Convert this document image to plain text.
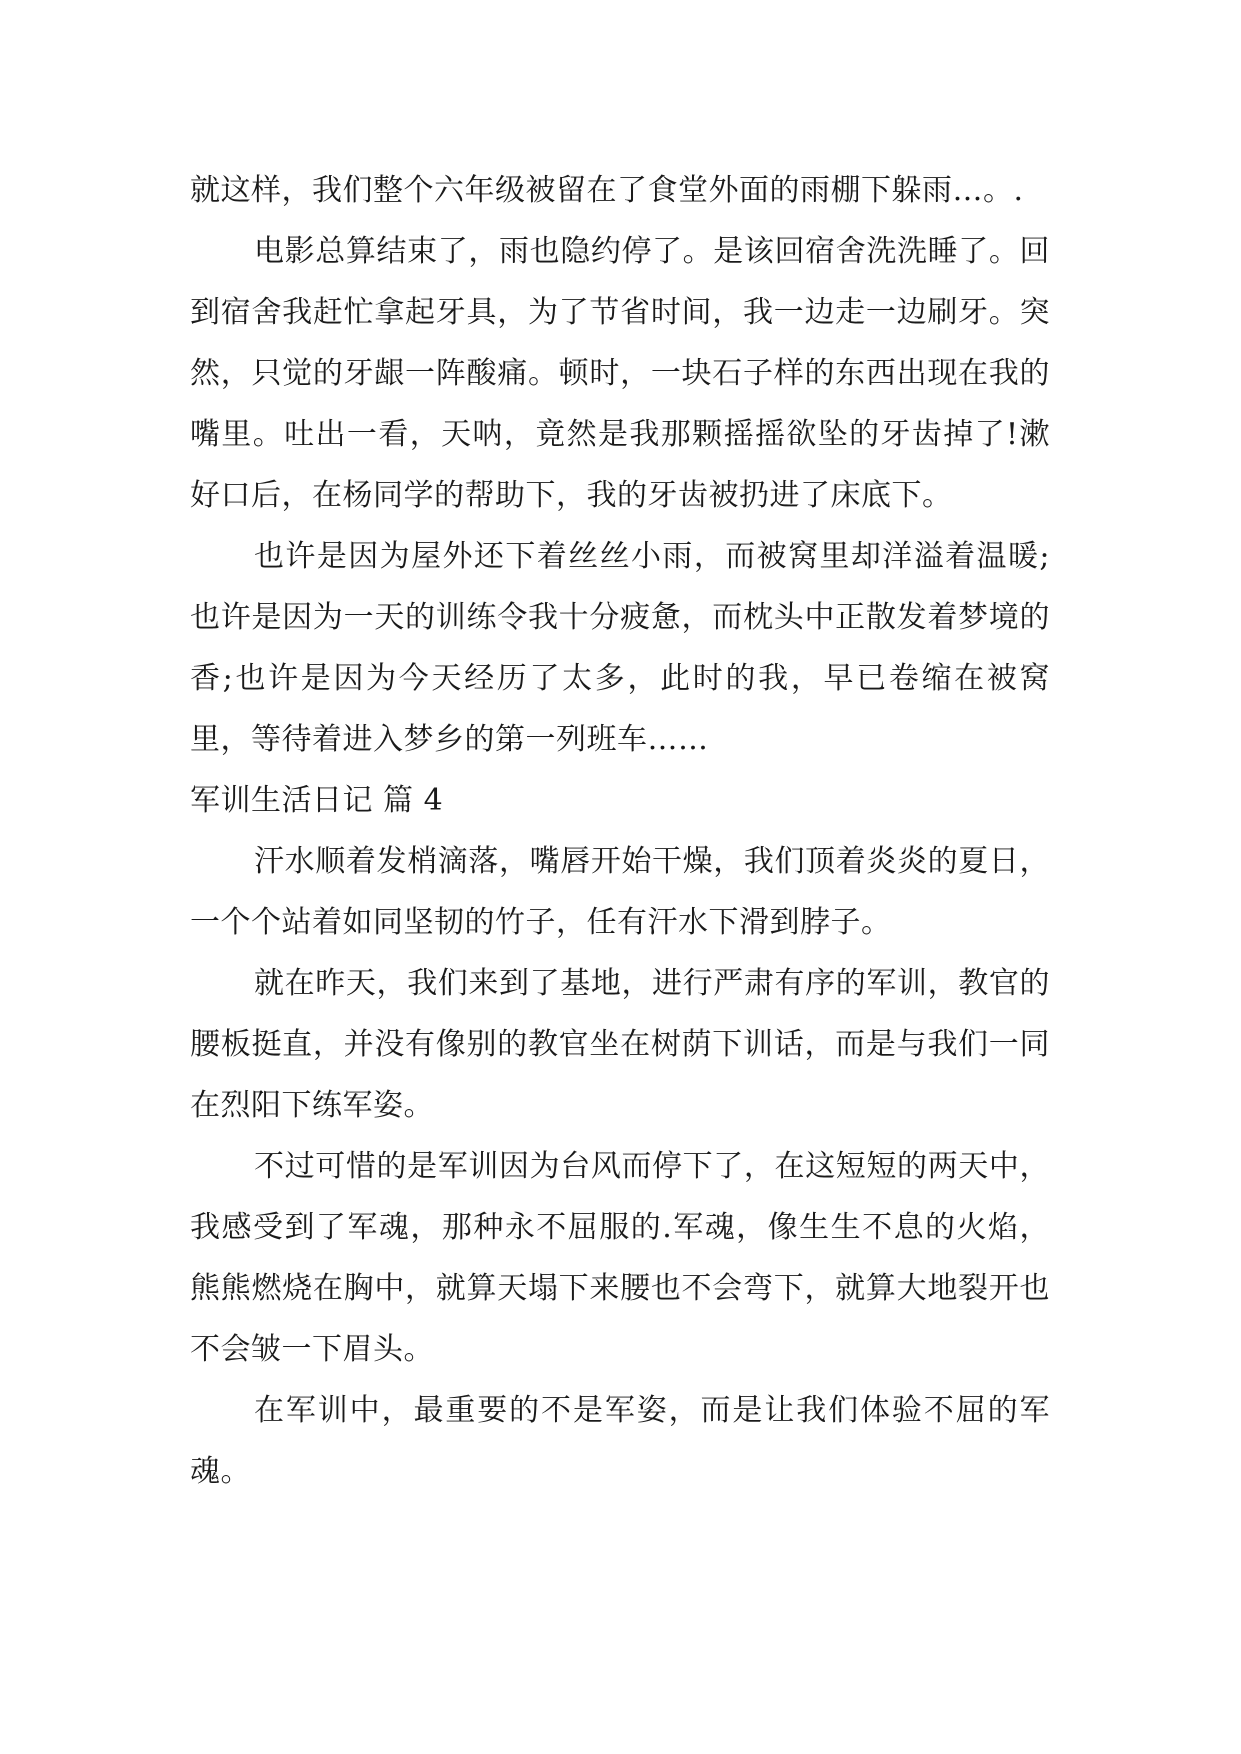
就这样，我们整个六年级被留在了食堂外面的雨棚下躲雨…。.

电影总算结束了，雨也隐约停了。是该回宿舍洗洗睡了。回到宿舍我赶忙拿起牙具，为了节省时间，我一边走一边刷牙。突然，只觉的牙龈一阵酸痛。顿时，一块石子样的东西出现在我的嘴里。吐出一看，天呐，竟然是我那颗摇摇欲坠的牙齿掉了!漱好口后，在杨同学的帮助下，我的牙齿被扔进了床底下。

也许是因为屋外还下着丝丝小雨，而被窝里却洋溢着温暖;也许是因为一天的训练令我十分疲惫，而枕头中正散发着梦境的香;也许是因为今天经历了太多，此时的我，早已卷缩在被窝里，等待着进入梦乡的第一列班车……

军训生活日记 篇 4

汗水顺着发梢滴落，嘴唇开始干燥，我们顶着炎炎的夏日，一个个站着如同坚韧的竹子，任有汗水下滑到脖子。

就在昨天，我们来到了基地，进行严肃有序的军训，教官的腰板挺直，并没有像别的教官坐在树荫下训话，而是与我们一同在烈阳下练军姿。

不过可惜的是军训因为台风而停下了，在这短短的两天中，我感受到了军魂，那种永不屈服的.军魂，像生生不息的火焰，熊熊燃烧在胸中，就算天塌下来腰也不会弯下，就算大地裂开也不会皱一下眉头。

在军训中，最重要的不是军姿，而是让我们体验不屈的军魂。
